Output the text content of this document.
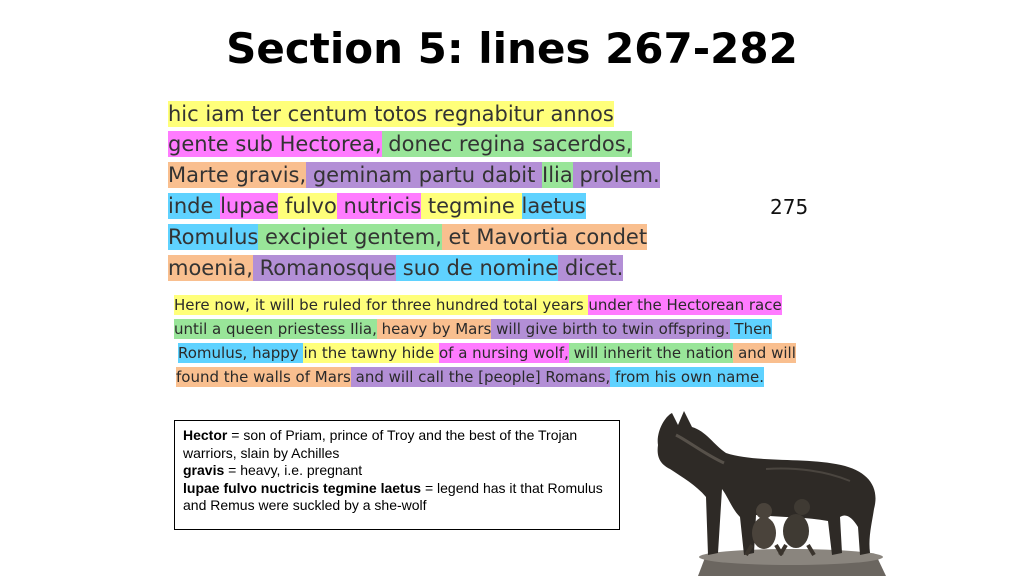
Section 5: lines 267-282
hic iam ter centum totos regnabitur annos
gente sub Hectorea, donec regina sacerdos,
Marte gravis, geminam partu dabit Ilia prolem.
inde lupae fulvo nutricis tegmine laetus
Romulus excipiet gentem, et Mavortia condet
moenia, Romanosque suo de nomine dicet.
275
Here now, it will be ruled for three hundred total years under the Hectorean race
until a queen priestess Ilia, heavy by Mars will give birth to twin offspring. Then
Romulus, happy in the tawny hide of a nursing wolf, will inherit the nation and will
found the walls of Mars and will call the [people] Romans, from his own name.
Hector = son of Priam, prince of Troy and the best of the Trojan warriors, slain by Achilles
gravis = heavy, i.e. pregnant
lupae fulvo nuctricis tegmine laetus = legend has it that Romulus and Remus were suckled by a she-wolf
